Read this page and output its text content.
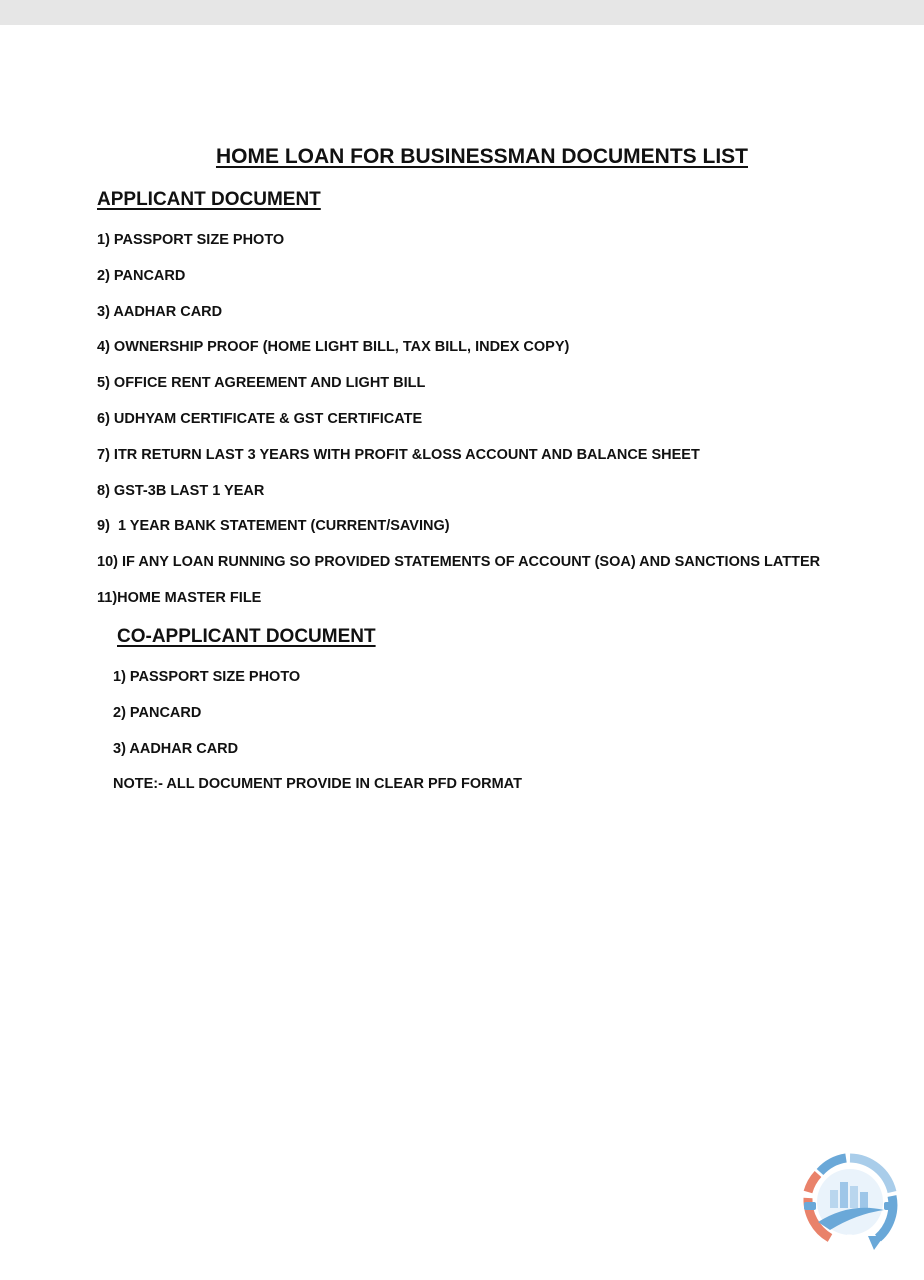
HOME LOAN FOR BUSINESSMAN DOCUMENTS LIST
APPLICANT DOCUMENT
1) PASSPORT SIZE PHOTO
2) PANCARD
3) AADHAR CARD
4) OWNERSHIP PROOF (HOME LIGHT BILL, TAX BILL, INDEX COPY)
5) OFFICE RENT AGREEMENT AND LIGHT BILL
6) UDHYAM CERTIFICATE & GST CERTIFICATE
7) ITR RETURN LAST 3 YEARS WITH PROFIT &LOSS ACCOUNT AND BALANCE SHEET
8) GST-3B LAST 1 YEAR
9)  1 YEAR BANK STATEMENT (CURRENT/SAVING)
10) IF ANY LOAN RUNNING SO PROVIDED STATEMENTS OF ACCOUNT (SOA) AND SANCTIONS LATTER
11)HOME MASTER FILE
CO-APPLICANT DOCUMENT
1) PASSPORT SIZE PHOTO
2) PANCARD
3) AADHAR CARD

NOTE:- ALL DOCUMENT PROVIDE IN CLEAR PFD FORMAT

QBC
